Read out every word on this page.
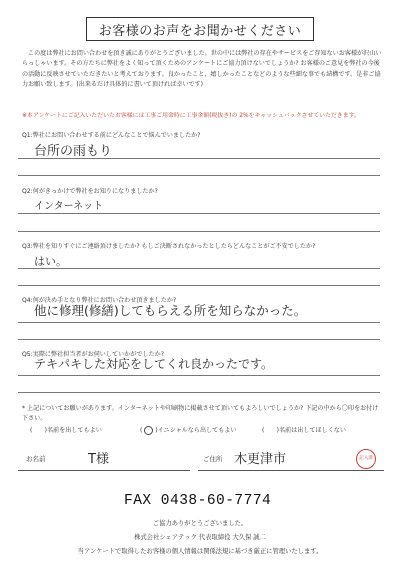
お客様のお声をお聞かせください
この度は弊社にお問い合わせを頂き誠にありがとうございました。世の中には弊社の存在やサービスをご存知ないお客様が沢山いらっしゃいます。その方たちに弊社をよく知って頂くためのアンケートにご協力頂けないでしょうか? お客様のご意見を弊社の今後の活動に反映させていただきたいと考えております。良かったこと、嬉しかったことなどのような些細な事でも結構です。是非ご協力お願い致します。(出来るだけ具体的に書いて頂ければ幸いです)
※本アンケートにご記入いただいたお客様には工事ご用命時に工事金額(税抜き)の 2%をキャッシュバックさせていただきます。
Q1:弊社にお問い合わせする前にどんなことで悩んでいましたか?
台所の雨もり
Q2:何がきっかけで弊社をお知りになりましたか?
インターネット
Q3:弊社を知りすぐにご連絡頂けましたか? もしご決断されなかったとしたらどんなことがご不安でしたか?
はい。
Q4:何が決め手となり弊社にお問い合わせ頂きましたか?
他に修理(修繕)してもらえる所を知らなかった。
Q5:実際に弊社担当者がお伺いしていかがでしたか?
テキパキした対応をしてくれ良かったです。
* 上記についてお願いがあります。インターネットや印刷物に掲載させて頂いてもよろしいでしょうか? 下記の中から〇印をお付け下さい。
(　　)名前を出してもよい	(  )イニシャルなら出してもよい	(　　)名前は出してほしくない
お名前	T様	ご住所 木更津市	記入済
FAX 0438-60-7774
ご協力ありがとうございました。
株式会社シェアテック 代表取締役 大久保 誠二
当アンケートで取得したお客様の個人情報は関係法規に基づき厳正に管理いたします。
